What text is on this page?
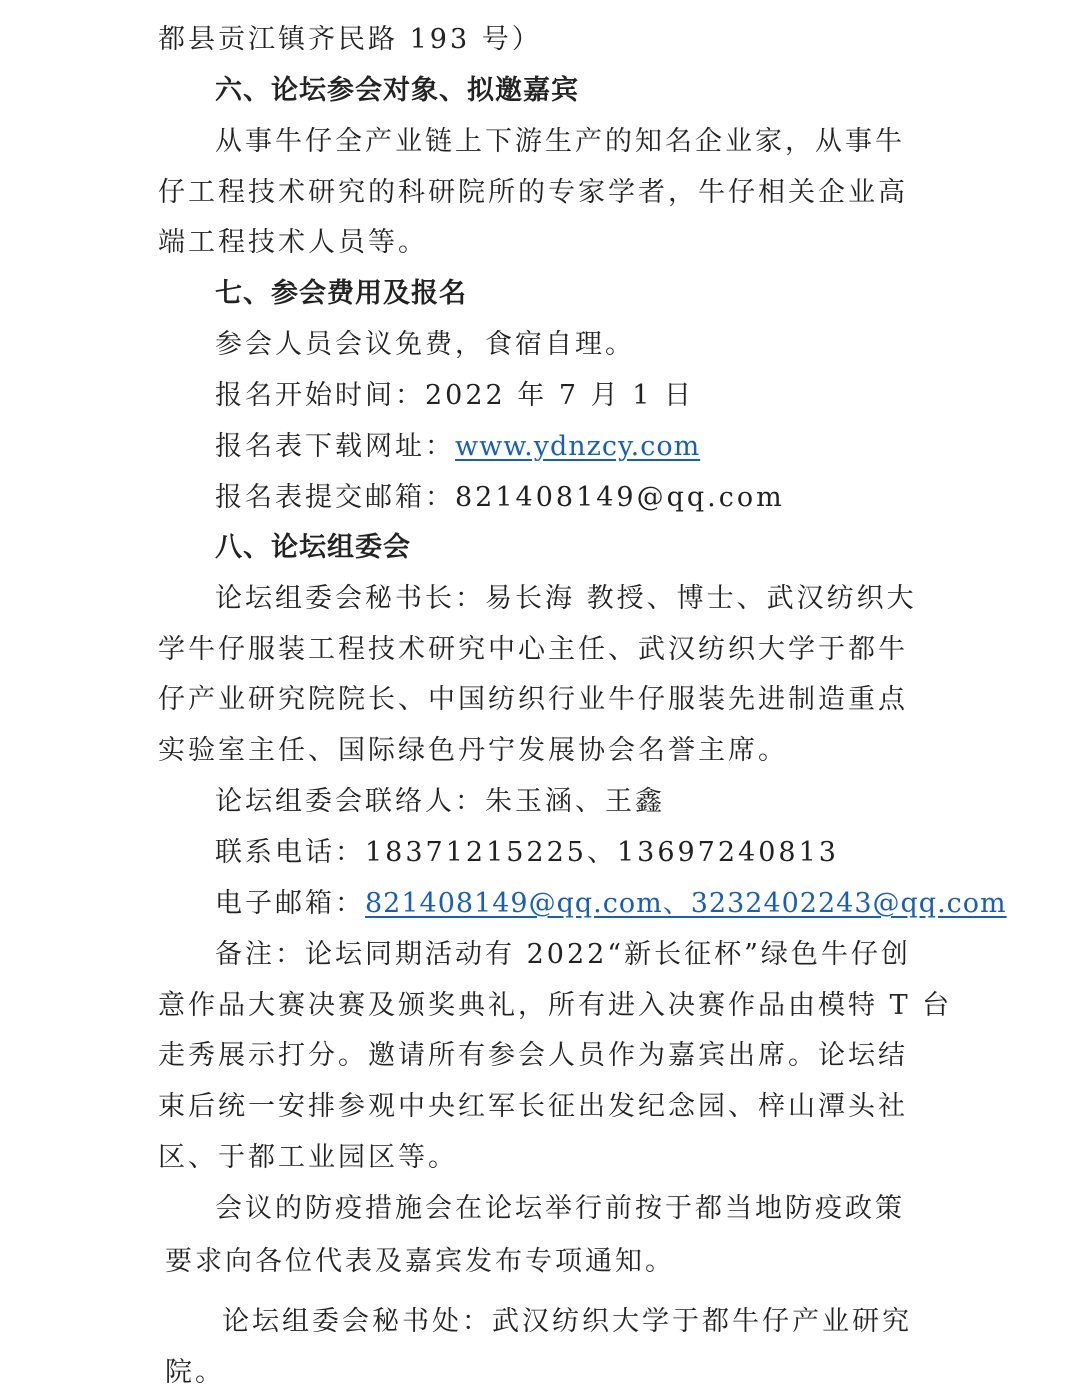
都县贡江镇齐民路 193 号）
六、论坛参会对象、拟邀嘉宾
从事牛仔全产业链上下游生产的知名企业家，从事牛
仔工程技术研究的科研院所的专家学者，牛仔相关企业高
端工程技术人员等。
七、参会费用及报名
参会人员会议免费，食宿自理。
报名开始时间：2022 年 7 月 1 日
报名表下载网址：www.ydnzcy.com
报名表提交邮箱：821408149@qq.com
八、论坛组委会
论坛组委会秘书长：易长海 教授、博士、武汉纺织大
学牛仔服装工程技术研究中心主任、武汉纺织大学于都牛
仔产业研究院院长、中国纺织行业牛仔服装先进制造重点
实验室主任、国际绿色丹宁发展协会名誉主席。
论坛组委会联络人：朱玉涵、王鑫
联系电话：18371215225、13697240813
电子邮箱：821408149@qq.com、3232402243@qq.com
备注：论坛同期活动有 2022“新长征杯”绿色牛仔创
意作品大赛决赛及颁奖典礼，所有进入决赛作品由模特 T 台
走秀展示打分。邀请所有参会人员作为嘉宾出席。论坛结
束后统一安排参观中央红军长征出发纪念园、梓山潭头社
区、于都工业园区等。
会议的防疫措施会在论坛举行前按于都当地防疫政策
要求向各位代表及嘉宾发布专项通知。
论坛组委会秘书处：武汉纺织大学于都牛仔产业研究
院。
